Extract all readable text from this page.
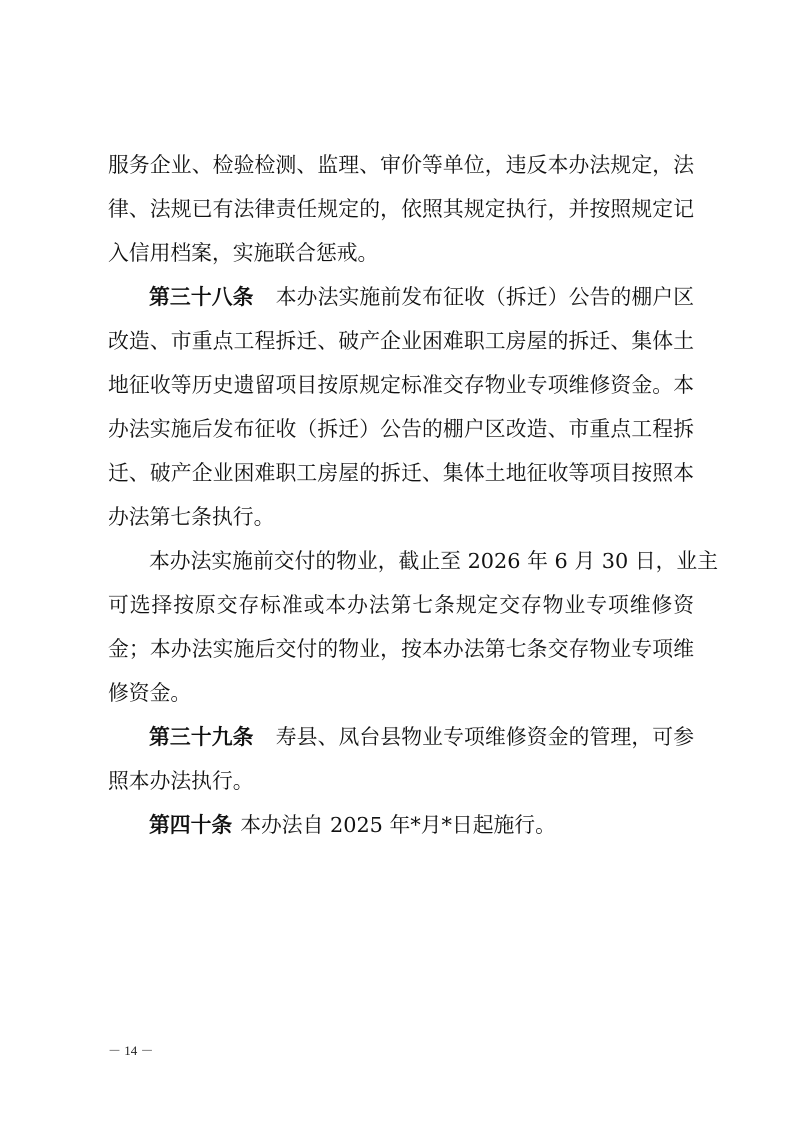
服务企业、检验检测、监理、审价等单位，违反本办法规定，法
律、法规已有法律责任规定的，依照其规定执行，并按照规定记
入信用档案，实施联合惩戒。
第三十八条 本办法实施前发布征收（拆迁）公告的棚户区
改造、市重点工程拆迁、破产企业困难职工房屋的拆迁、集体土
地征收等历史遗留项目按原规定标准交存物业专项维修资金。本
办法实施后发布征收（拆迁）公告的棚户区改造、市重点工程拆
迁、破产企业困难职工房屋的拆迁、集体土地征收等项目按照本
办法第七条执行。
本办法实施前交付的物业，截止至 2026 年 6 月 30 日，业主
可选择按原交存标准或本办法第七条规定交存物业专项维修资
金；本办法实施后交付的物业，按本办法第七条交存物业专项维
修资金。
第三十九条 寿县、凤台县物业专项维修资金的管理，可参
照本办法执行。
第四十条 本办法自 2025 年*月*日起施行。
－ 14 －
